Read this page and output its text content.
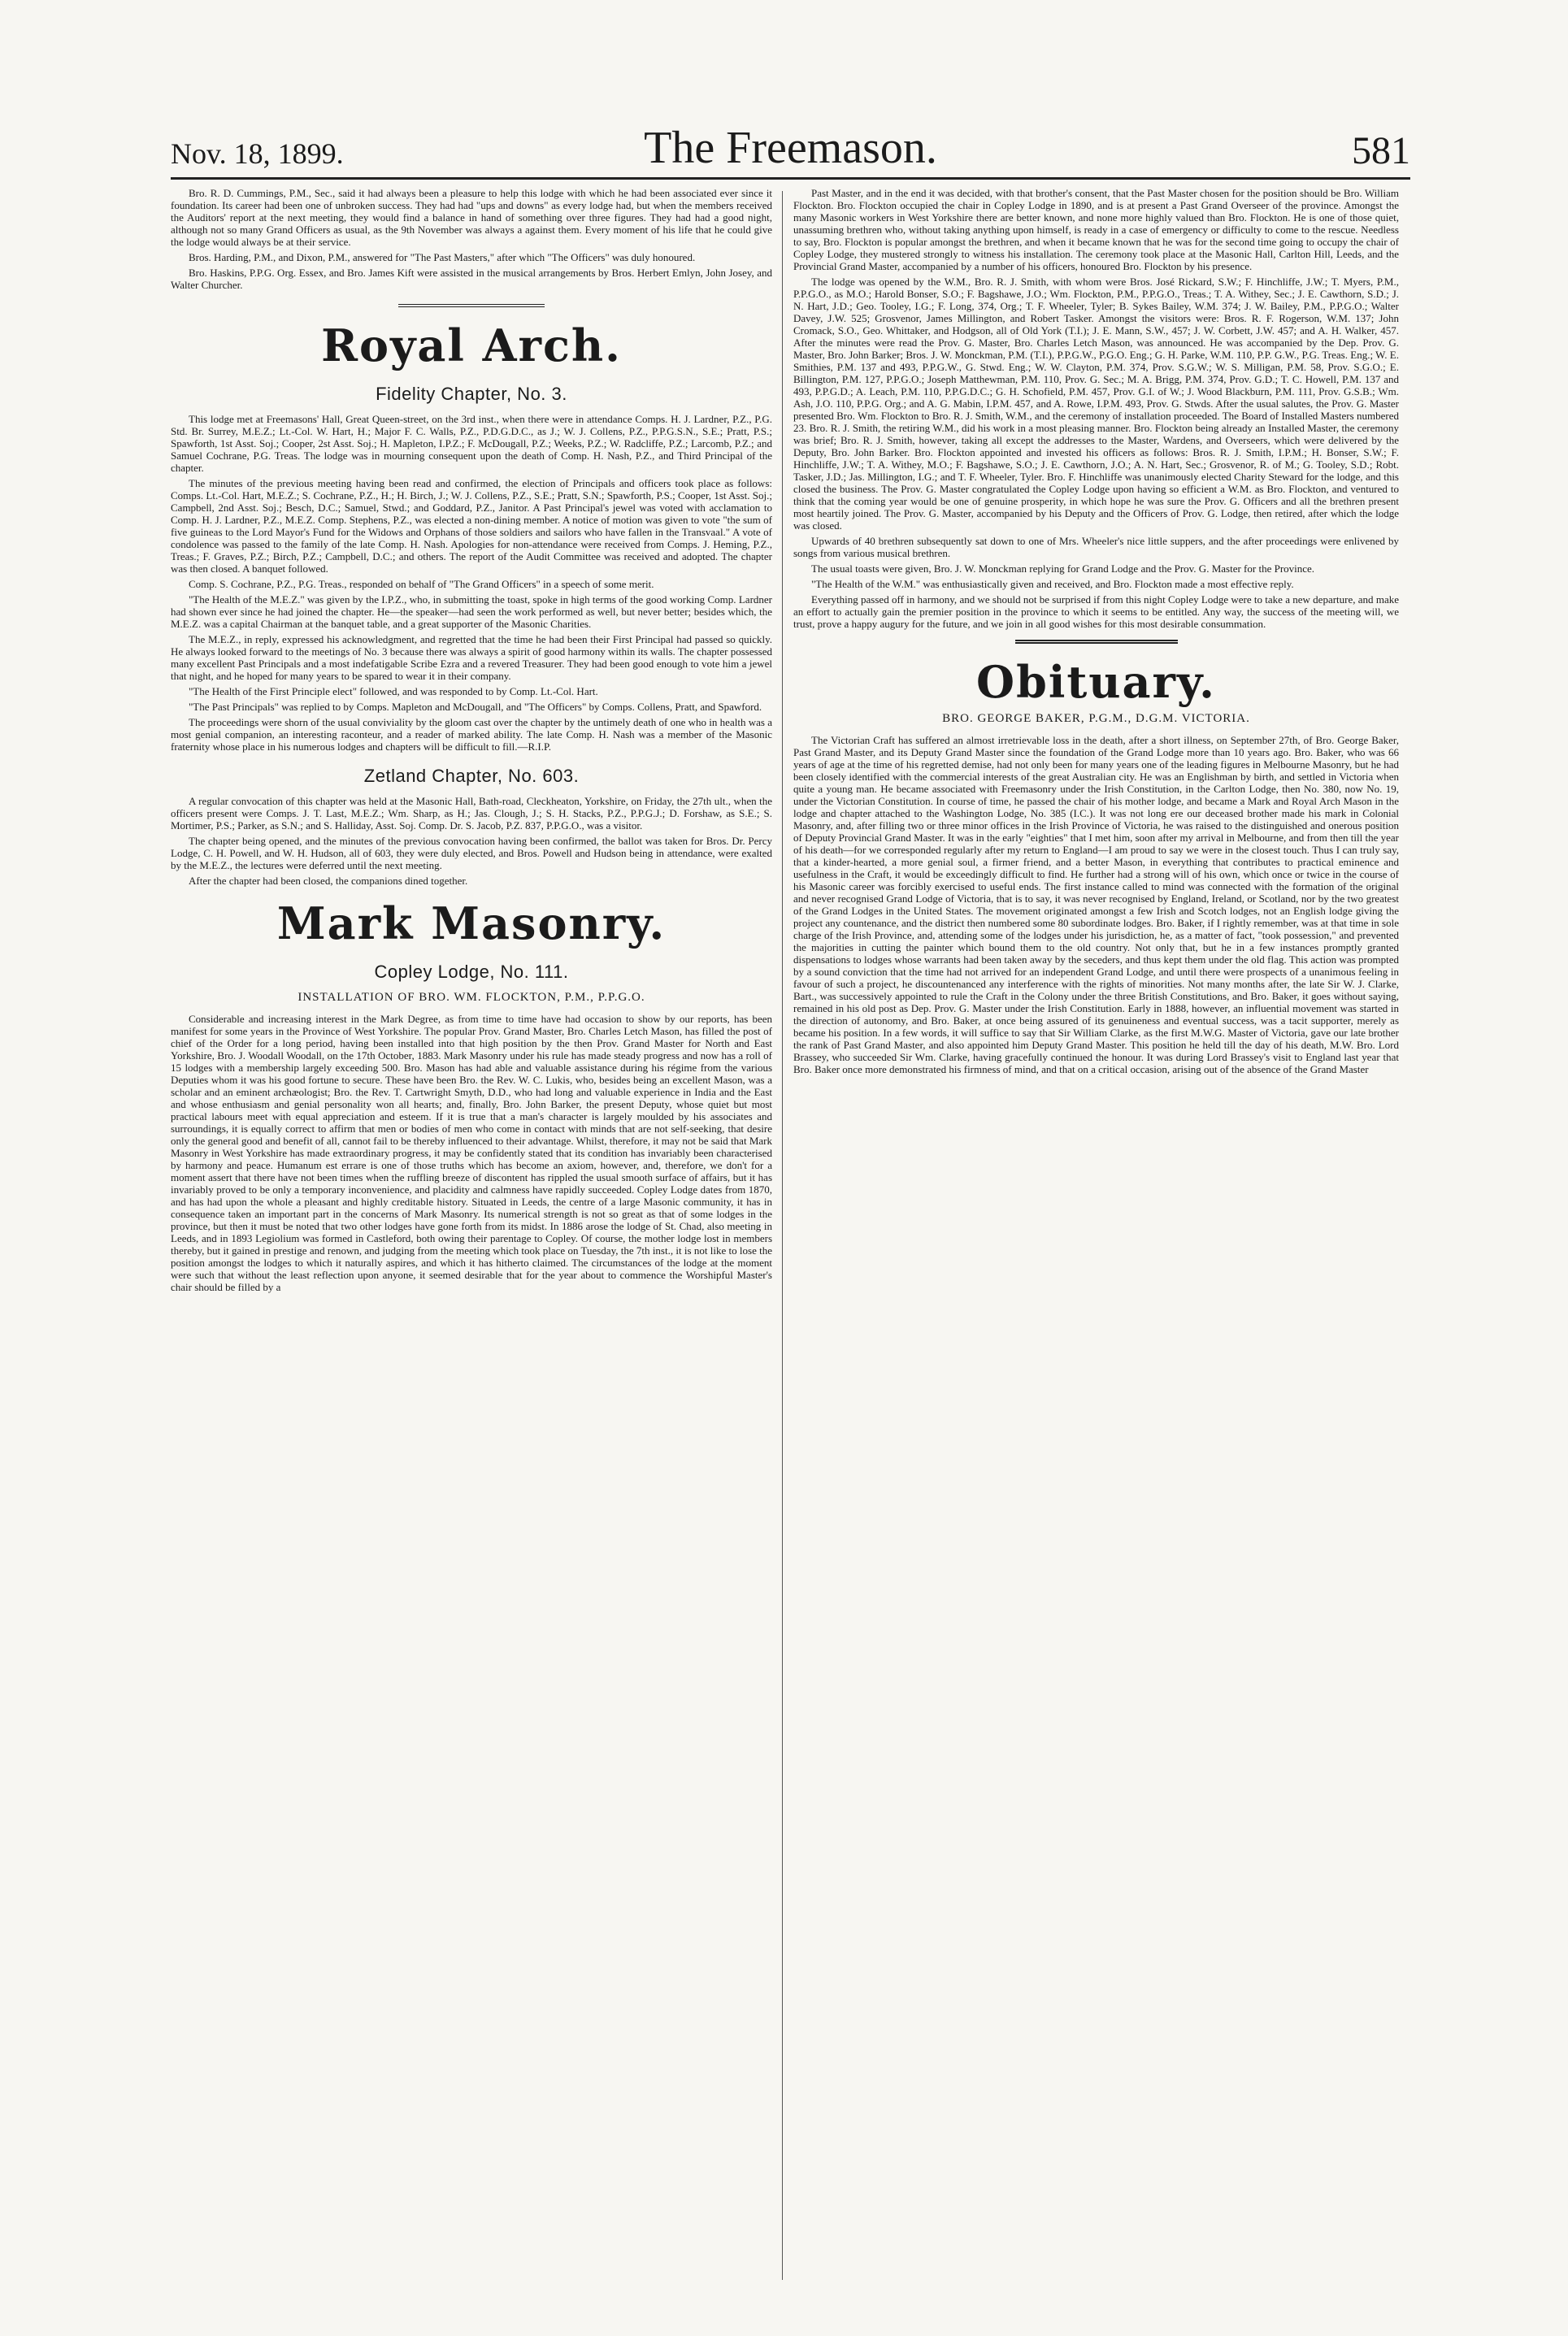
Nov. 18, 1899.	The Freemason.	581

Bro. R. D. Cummings, P.M., Sec., said it had always been a pleasure to help this lodge with which he had been associated ever since it foundation. Its career had been one of unbroken success. They had had "ups and downs" as every lodge had, but when the members received the Auditors' report at the next meeting, they would find a balance in hand of something over three figures. They had had a good night, although not so many Grand Officers as usual, as the 9th November was always a against them. Every moment of his life that he could give the lodge would always be at their service.

Bros. Harding, P.M., and Dixon, P.M., answered for "The Past Masters," after which "The Officers" was duly honoured.

Bro. Haskins, P.P.G. Org. Essex, and Bro. James Kift were assisted in the musical arrangements by Bros. Herbert Emlyn, John Josey, and Walter Churcher.

Royal Arch.
Fidelity Chapter, No. 3.

This lodge met at Freemasons' Hall, Great Queen-street, on the 3rd inst., when there were in attendance Comps. H. J. Lardner, P.Z., P.G. Std. Br. Surrey, M.E.Z.; Lt.-Col. W. Hart, H.; Major F. C. Walls, P.Z., P.D.G.D.C., as J.; W. J. Collens, P.Z., P.P.G.S.N., S.E.; Pratt, P.S.; Spawforth, 1st Asst. Soj.; Cooper, 2st Asst. Soj.; H. Mapleton, I.P.Z.; F. McDougall, P.Z.; Weeks, P.Z.; W. Radcliffe, P.Z.; Larcomb, P.Z.; and Samuel Cochrane, P.G. Treas. The lodge was in mourning consequent upon the death of Comp. H. Nash, P.Z., and Third Principal of the chapter.

The minutes of the previous meeting having been read and confirmed, the election of Principals and officers took place as follows: Comps. Lt.-Col. Hart, M.E.Z.; S. Cochrane, P.Z., H.; H. Birch, J.; W. J. Collens, P.Z., S.E.; Pratt, S.N.; Spawforth, P.S.; Cooper, 1st Asst. Soj.; Campbell, 2nd Asst. Soj.; Besch, D.C.; Samuel, Stwd.; and Goddard, P.Z., Janitor. A Past Principal's jewel was voted with acclamation to Comp. H. J. Lardner, P.Z., M.E.Z. Comp. Stephens, P.Z., was elected a non-dining member. A notice of motion was given to vote "the sum of five guineas to the Lord Mayor's Fund for the Widows and Orphans of those soldiers and sailors who have fallen in the Transvaal." A vote of condolence was passed to the family of the late Comp. H. Nash. Apologies for non-attendance were received from Comps. J. Heming, P.Z., Treas.; F. Graves, P.Z.; Birch, P.Z.; Campbell, D.C.; and others. The report of the Audit Committee was received and adopted. The chapter was then closed. A banquet followed.

Comp. S. Cochrane, P.Z., P.G. Treas., responded on behalf of "The Grand Officers" in a speech of some merit.

"The Health of the M.E.Z." was given by the I.P.Z., who, in submitting the toast, spoke in high terms of the good working Comp. Lardner had shown ever since he had joined the chapter. He—the speaker—had seen the work performed as well, but never better; besides which, the M.E.Z. was a capital Chairman at the banquet table, and a great supporter of the Masonic Charities.

The M.E.Z., in reply, expressed his acknowledgment, and regretted that the time he had been their First Principal had passed so quickly. He always looked forward to the meetings of No. 3 because there was always a spirit of good harmony within its walls. The chapter possessed many excellent Past Principals and a most indefatigable Scribe Ezra and a revered Treasurer. They had been good enough to vote him a jewel that night, and he hoped for many years to be spared to wear it in their company.

"The Health of the First Principle elect" followed, and was responded to by Comp. Lt.-Col. Hart.

"The Past Principals" was replied to by Comps. Mapleton and McDougall, and "The Officers" by Comps. Collens, Pratt, and Spawford.

The proceedings were shorn of the usual conviviality by the gloom cast over the chapter by the untimely death of one who in health was a most genial companion, an interesting raconteur, and a reader of marked ability. The late Comp. H. Nash was a member of the Masonic fraternity whose place in his numerous lodges and chapters will be difficult to fill.—R.I.P.

Zetland Chapter, No. 603.

A regular convocation of this chapter was held at the Masonic Hall, Bath-road, Cleckheaton, Yorkshire, on Friday, the 27th ult., when the officers present were Comps. J. T. Last, M.E.Z.; Wm. Sharp, as H.; Jas. Clough, J.; S. H. Stacks, P.Z., P.P.G.J.; D. Forshaw, as S.E.; S. Mortimer, P.S.; Parker, as S.N.; and S. Halliday, Asst. Soj. Comp. Dr. S. Jacob, P.Z. 837, P.P.G.O., was a visitor.

The chapter being opened, and the minutes of the previous convocation having been confirmed, the ballot was taken for Bros. Dr. Percy Lodge, C. H. Powell, and W. H. Hudson, all of 603, they were duly elected, and Bros. Powell and Hudson being in attendance, were exalted by the M.E.Z., the lectures were deferred until the next meeting.

After the chapter had been closed, the companions dined together.

Mark Masonry.
Copley Lodge, No. 111.
INSTALLATION OF BRO. WM. FLOCKTON, P.M., P.P.G.O.

Considerable and increasing interest in the Mark Degree, as from time to time have had occasion to show by our reports, has been manifest for some years in the Province of West Yorkshire. The popular Prov. Grand Master, Bro. Charles Letch Mason, has filled the post of chief of the Order for a long period, having been installed into that high position by the then Prov. Grand Master for North and East Yorkshire, Bro. J. Woodall Woodall, on the 17th October, 1883. Mark Masonry under his rule has made steady progress and now has a roll of 15 lodges with a membership largely exceeding 500. Bro. Mason has had able and valuable assistance during his régime from the various Deputies whom it was his good fortune to secure. These have been Bro. the Rev. W. C. Lukis, who, besides being an excellent Mason, was a scholar and an eminent archæologist; Bro. the Rev. T. Cartwright Smyth, D.D., who had long and valuable experience in India and the East and whose enthusiasm and genial personality won all hearts; and, finally, Bro. John Barker, the present Deputy, whose quiet but most practical labours meet with equal appreciation and esteem. If it is true that a man's character is largely moulded by his associates and surroundings, it is equally correct to affirm that men or bodies of men who come in contact with minds that are not self-seeking, that desire only the general good and benefit of all, cannot fail to be thereby influenced to their advantage. Whilst, therefore, it may not be said that Mark Masonry in West Yorkshire has made extraordinary progress, it may be confidently stated that its condition has invariably been characterised by harmony and peace. Humanum est errare is one of those truths which has become an axiom, however, and, therefore, we don't for a moment assert that there have not been times when the ruffling breeze of discontent has rippled the usual smooth surface of affairs, but it has invariably proved to be only a temporary inconvenience, and placidity and calmness have rapidly succeeded. Copley Lodge dates from 1870, and has had upon the whole a pleasant and highly creditable history. Situated in Leeds, the centre of a large Masonic community, it has in consequence taken an important part in the concerns of Mark Masonry. Its numerical strength is not so great as that of some lodges in the province, but then it must be noted that two other lodges have gone forth from its midst. In 1886 arose the lodge of St. Chad, also meeting in Leeds, and in 1893 Legiolium was formed in Castleford, both owing their parentage to Copley. Of course, the mother lodge lost in members thereby, but it gained in prestige and renown, and judging from the meeting which took place on Tuesday, the 7th inst., it is not like to lose the position amongst the lodges to which it naturally aspires, and which it has hitherto claimed. The circumstances of the lodge at the moment were such that without the least reflection upon anyone, it seemed desirable that for the year about to commence the Worshipful Master's chair should be filled by a

Past Master, and in the end it was decided, with that brother's consent, that the Past Master chosen for the position should be Bro. William Flockton. Bro. Flockton occupied the chair in Copley Lodge in 1890, and is at present a Past Grand Overseer of the province. Amongst the many Masonic workers in West Yorkshire there are better known, and none more highly valued than Bro. Flockton. He is one of those quiet, unassuming brethren who, without taking anything upon himself, is ready in a case of emergency or difficulty to come to the rescue. Needless to say, Bro. Flockton is popular amongst the brethren, and when it became known that he was for the second time going to occupy the chair of Copley Lodge, they mustered strongly to witness his installation. The ceremony took place at the Masonic Hall, Carlton Hill, Leeds, and the Provincial Grand Master, accompanied by a number of his officers, honoured Bro. Flockton by his presence.

The lodge was opened by the W.M., Bro. R. J. Smith, with whom were Bros. José Rickard, S.W.; F. Hinchliffe, J.W.; T. Myers, P.M., P.P.G.O., as M.O.; Harold Bonser, S.O.; F. Bagshawe, J.O.; Wm. Flockton, P.M., P.P.G.O., Treas.; T. A. Withey, Sec.; J. E. Cawthorn, S.D.; J. N. Hart, J.D.; Geo. Tooley, I.G.; F. Long, 374, Org.; T. F. Wheeler, Tyler; B. Sykes Bailey, W.M. 374; J. W. Bailey, P.M., P.P.G.O.; Walter Davey, J.W. 525; Grosvenor, James Millington, and Robert Tasker. Amongst the visitors were: Bros. R. F. Rogerson, W.M. 137; John Cromack, S.O., Geo. Whittaker, and Hodgson, all of Old York (T.I.); J. E. Mann, S.W., 457; J. W. Corbett, J.W. 457; and A. H. Walker, 457. After the minutes were read the Prov. G. Master, Bro. Charles Letch Mason, was announced. He was accompanied by the Dep. Prov. G. Master, Bro. John Barker; Bros. J. W. Monckman, P.M. (T.I.), P.P.G.W., P.G.O. Eng.; G. H. Parke, W.M. 110, P.P. G.W., P.G. Treas. Eng.; W. E. Smithies, P.M. 137 and 493, P.P.G.W., G. Stwd. Eng.; W. W. Clayton, P.M. 374, Prov. S.G.W.; W. S. Milligan, P.M. 58, Prov. S.G.O.; E. Billington, P.M. 127, P.P.G.O.; Joseph Matthewman, P.M. 110, Prov. G. Sec.; M. A. Brigg, P.M. 374, Prov. G.D.; T. C. Howell, P.M. 137 and 493, P.P.G.D.; A. Leach, P.M. 110, P.P.G.D.C.; G. H. Schofield, P.M. 457, Prov. G.I. of W.; J. Wood Blackburn, P.M. 111, Prov. G.S.B.; Wm. Ash, J.O. 110, P.P.G. Org.; and A. G. Mabin, I.P.M. 457, and A. Rowe, I.P.M. 493, Prov. G. Stwds. After the usual salutes, the Prov. G. Master presented Bro. Wm. Flockton to Bro. R. J. Smith, W.M., and the ceremony of installation proceeded. The Board of Installed Masters numbered 23. Bro. R. J. Smith, the retiring W.M., did his work in a most pleasing manner. Bro. Flockton being already an Installed Master, the ceremony was brief; Bro. R. J. Smith, however, taking all except the addresses to the Master, Wardens, and Overseers, which were delivered by the Deputy, Bro. John Barker. Bro. Flockton appointed and invested his officers as follows: Bros. R. J. Smith, I.P.M.; H. Bonser, S.W.; F. Hinchliffe, J.W.; T. A. Withey, M.O.; F. Bagshawe, S.O.; J. E. Cawthorn, J.O.; A. N. Hart, Sec.; Grosvenor, R. of M.; G. Tooley, S.D.; Robt. Tasker, J.D.; Jas. Millington, I.G.; and T. F. Wheeler, Tyler. Bro. F. Hinchliffe was unanimously elected Charity Steward for the lodge, and this closed the business. The Prov. G. Master congratulated the Copley Lodge upon having so efficient a W.M. as Bro. Flockton, and ventured to think that the coming year would be one of genuine prosperity, in which hope he was sure the Prov. G. Officers and all the brethren present most heartily joined. The Prov. G. Master, accompanied by his Deputy and the Officers of Prov. G. Lodge, then retired, after which the lodge was closed.

Upwards of 40 brethren subsequently sat down to one of Mrs. Wheeler's nice little suppers, and the after proceedings were enlivened by songs from various musical brethren.

The usual toasts were given, Bro. J. W. Monckman replying for Grand Lodge and the Prov. G. Master for the Province.

"The Health of the W.M." was enthusiastically given and received, and Bro. Flockton made a most effective reply.

Everything passed off in harmony, and we should not be surprised if from this night Copley Lodge were to take a new departure, and make an effort to actually gain the premier position in the province to which it seems to be entitled. Any way, the success of the meeting will, we trust, prove a happy augury for the future, and we join in all good wishes for this most desirable consummation.

Obituary.
BRO. GEORGE BAKER, P.G.M., D.G.M. VICTORIA.

The Victorian Craft has suffered an almost irretrievable loss in the death, after a short illness, on September 27th, of Bro. George Baker, Past Grand Master, and its Deputy Grand Master since the foundation of the Grand Lodge more than 10 years ago. Bro. Baker, who was 66 years of age at the time of his regretted demise, had not only been for many years one of the leading figures in Melbourne Masonry, but he had been closely identified with the commercial interests of the great Australian city. He was an Englishman by birth, and settled in Victoria when quite a young man. He became associated with Freemasonry under the Irish Constitution, in the Carlton Lodge, then No. 380, now No. 19, under the Victorian Constitution. In course of time, he passed the chair of his mother lodge, and became a Mark and Royal Arch Mason in the lodge and chapter attached to the Washington Lodge, No. 385 (I.C.). It was not long ere our deceased brother made his mark in Colonial Masonry, and, after filling two or three minor offices in the Irish Province of Victoria, he was raised to the distinguished and onerous position of Deputy Provincial Grand Master. It was in the early "eighties" that I met him, soon after my arrival in Melbourne, and from then till the year of his death—for we corresponded regularly after my return to England—I am proud to say we were in the closest touch. Thus I can truly say, that a kinder-hearted, a more genial soul, a firmer friend, and a better Mason, in everything that contributes to practical eminence and usefulness in the Craft, it would be exceedingly difficult to find. He further had a strong will of his own, which once or twice in the course of his Masonic career was forcibly exercised to useful ends. The first instance called to mind was connected with the formation of the original and never recognised Grand Lodge of Victoria, that is to say, it was never recognised by England, Ireland, or Scotland, nor by the two greatest of the Grand Lodges in the United States. The movement originated amongst a few Irish and Scotch lodges, not an English lodge giving the project any countenance, and the district then numbered some 80 subordinate lodges. Bro. Baker, if I rightly remember, was at that time in sole charge of the Irish Province, and, attending some of the lodges under his jurisdiction, he, as a matter of fact, "took possession," and prevented the majorities in cutting the painter which bound them to the old country. Not only that, but he in a few instances promptly granted dispensations to lodges whose warrants had been taken away by the seceders, and thus kept them under the old flag. This action was prompted by a sound conviction that the time had not arrived for an independent Grand Lodge, and until there were prospects of a unanimous feeling in favour of such a project, he discountenanced any interference with the rights of minorities. Not many months after, the late Sir W. J. Clarke, Bart., was successively appointed to rule the Craft in the Colony under the three British Constitutions, and Bro. Baker, it goes without saying, remained in his old post as Dep. Prov. G. Master under the Irish Constitution. Early in 1888, however, an influential movement was started in the direction of autonomy, and Bro. Baker, at once being assured of its genuineness and eventual success, was a tacit supporter, merely as became his position. In a few words, it will suffice to say that Sir William Clarke, as the first M.W.G. Master of Victoria, gave our late brother the rank of Past Grand Master, and also appointed him Deputy Grand Master. This position he held till the day of his death, M.W. Bro. Lord Brassey, who succeeded Sir Wm. Clarke, having gracefully continued the honour. It was during Lord Brassey's visit to England last year that Bro. Baker once more demonstrated his firmness of mind, and that on a critical occasion, arising out of the absence of the Grand Master
